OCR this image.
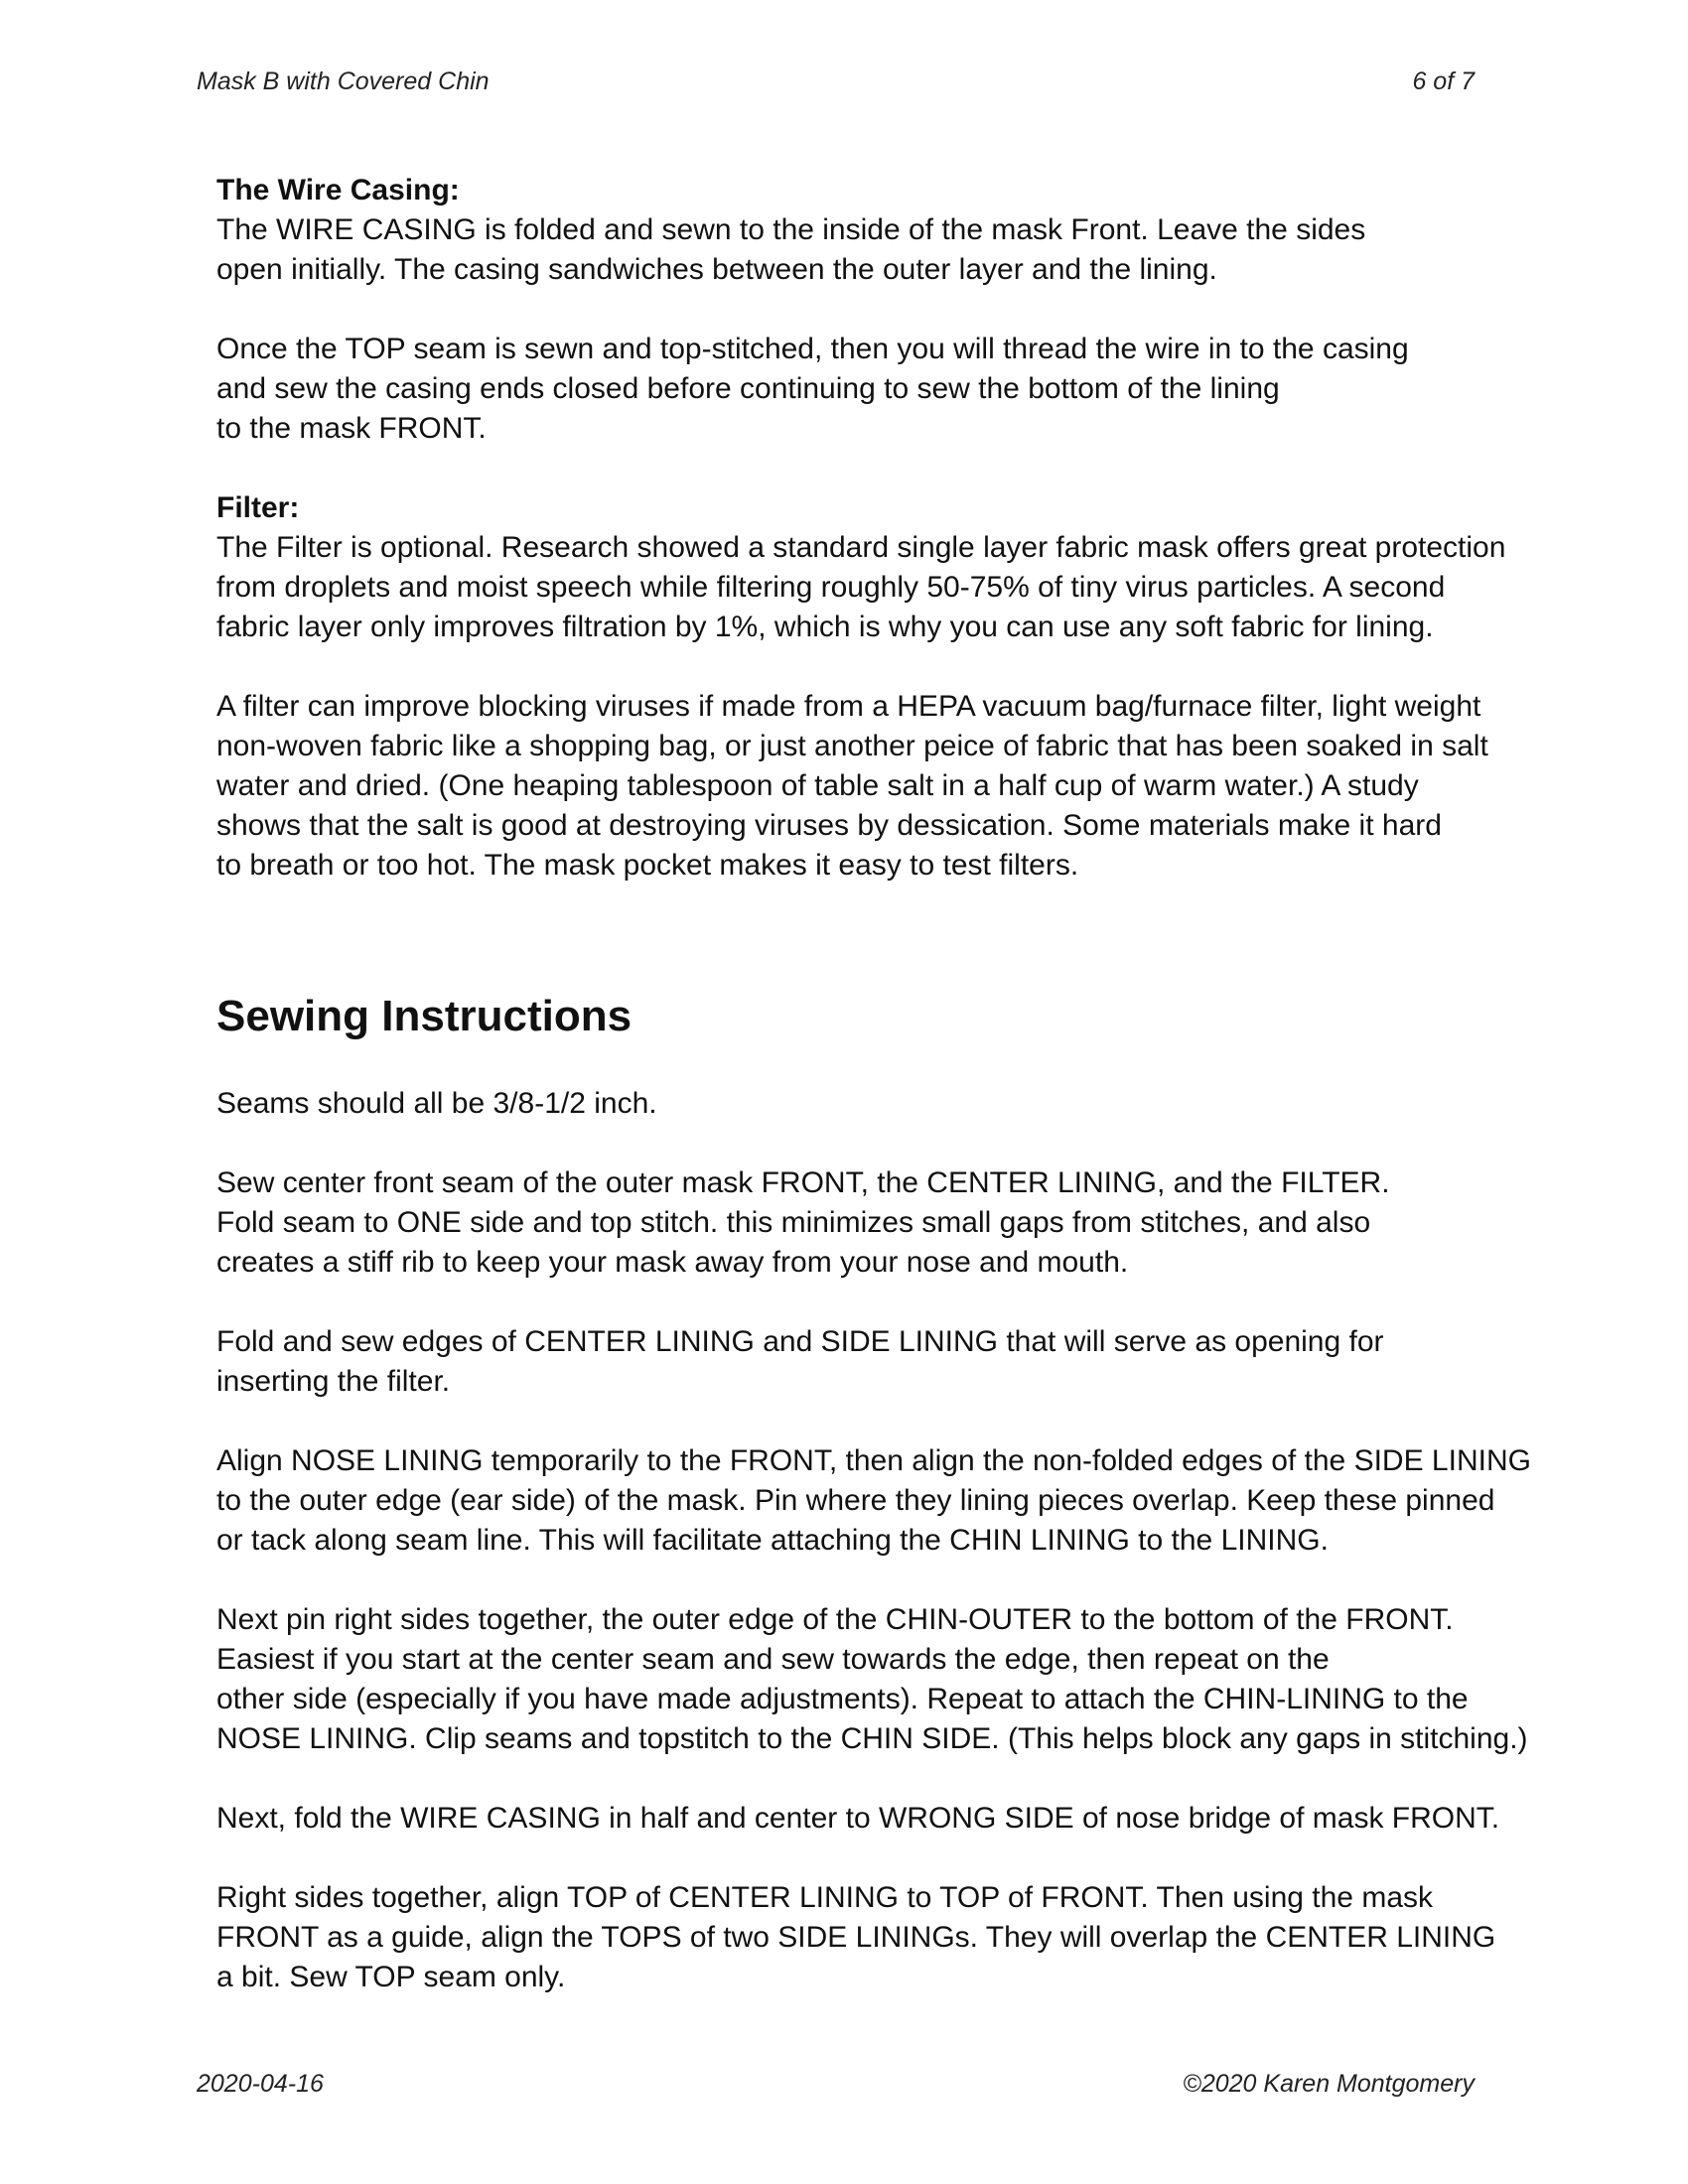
Mask B with Covered Chin	6 of 7
The Wire Casing:
The WIRE CASING is folded and sewn to the inside of the mask Front. Leave the sides
open initially. The casing sandwiches between the outer layer and the lining.
Once the TOP seam is sewn and top-stitched, then you will thread the wire in to the casing
and sew the casing ends closed before continuing to sew the bottom of the lining
to the mask FRONT.
Filter:
The Filter is optional. Research showed a standard single layer fabric mask offers great protection
from droplets and moist speech while filtering roughly 50-75% of tiny virus particles. A second
fabric layer only improves filtration by 1%, which is why you can use any soft fabric for lining.
A filter can improve blocking viruses if made from a HEPA vacuum bag/furnace filter, light weight
non-woven fabric like a shopping bag, or just another peice of fabric that has been soaked in salt
water and dried. (One heaping tablespoon of table salt in a half cup of warm water.) A study
shows that the salt is good at destroying viruses by dessication. Some materials make it hard
to breath or too hot. The mask pocket makes it easy to test filters.
Sewing Instructions
Seams should all be 3/8-1/2 inch.
Sew center front seam of the outer mask FRONT, the CENTER LINING, and the FILTER.
Fold seam to ONE side and top stitch. this minimizes small gaps from stitches, and also
creates a stiff rib to keep your mask away from your nose and mouth.
Fold and sew edges of CENTER LINING and SIDE LINING that will serve as opening for
inserting the filter.
Align NOSE LINING temporarily to the FRONT, then align the non-folded edges of the SIDE LINING
to the outer edge (ear side) of the mask. Pin where they lining pieces overlap. Keep these pinned
or tack along seam line. This will facilitate attaching the CHIN LINING to the LINING.
Next pin right sides together, the outer edge of the CHIN-OUTER to the bottom of the FRONT.
Easiest if you start at the center seam and sew towards the edge, then repeat on the
other side (especially if you have made adjustments). Repeat to attach the CHIN-LINING to the
NOSE LINING. Clip seams and topstitch to the CHIN SIDE. (This helps block any gaps in stitching.)
Next, fold the WIRE CASING in half and center to WRONG SIDE of nose bridge of mask FRONT.
Right sides together, align TOP of CENTER LINING to TOP of FRONT. Then using the mask
FRONT as a guide, align the TOPS of two SIDE LININGs. They will overlap the CENTER LINING
a bit. Sew TOP seam only.
2020-04-16	©2020 Karen Montgomery
